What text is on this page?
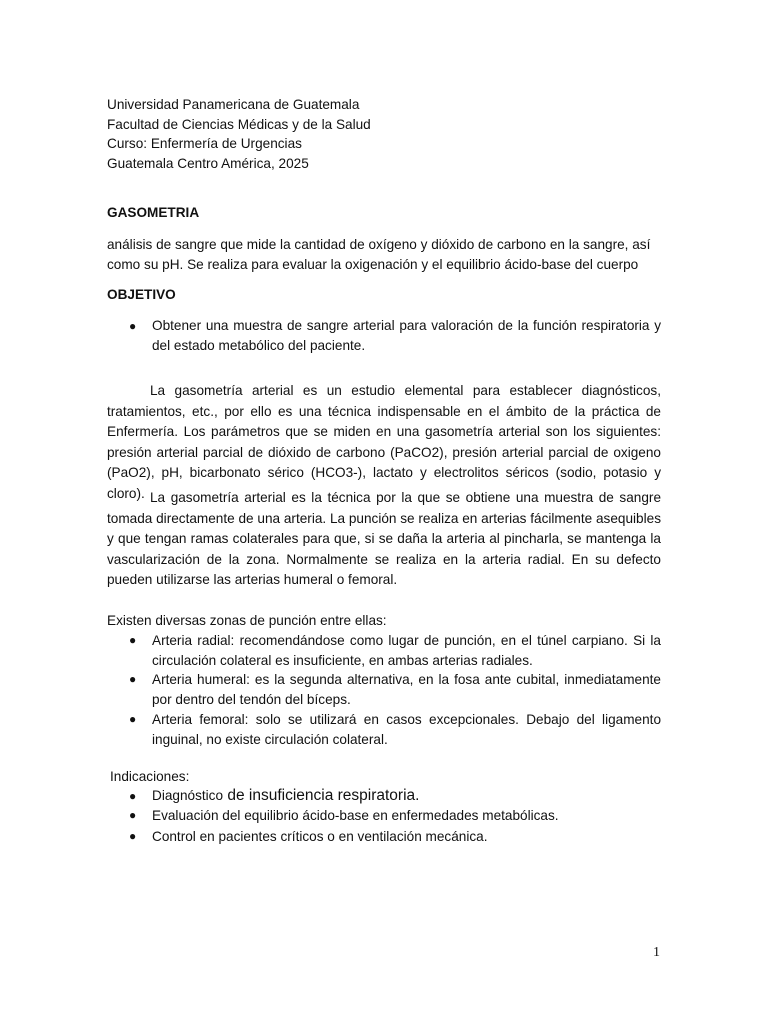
Universidad Panamericana de Guatemala
Facultad de Ciencias Médicas y de la Salud
Curso: Enfermería de Urgencias
Guatemala Centro América, 2025
GASOMETRIA
análisis de sangre que mide la cantidad de oxígeno y dióxido de carbono en la sangre, así
como su pH. Se realiza para evaluar la oxigenación y el equilibrio ácido-base del cuerpo
OBJETIVO
● Obtener una muestra de sangre arterial para valoración de la función respiratoria y del estado metabólico del paciente.
La gasometría arterial es un estudio elemental para establecer diagnósticos, tratamientos, etc., por ello es una técnica indispensable en el ámbito de la práctica de Enfermería. Los parámetros que se miden en una gasometría arterial son los siguientes: presión arterial parcial de dióxido de carbono (PaCO2), presión arterial parcial de oxigeno (PaO2), pH, bicarbonato sérico (HCO3-), lactato y electrolitos séricos (sodio, potasio y cloro). La gasometría arterial es la técnica por la que se obtiene una muestra de sangre tomada directamente de una arteria. La punción se realiza en arterias fácilmente asequibles y que tengan ramas colaterales para que, si se daña la arteria al pincharla, se mantenga la vascularización de la zona. Normalmente se realiza en la arteria radial. En su defecto pueden utilizarse las arterias humeral o femoral.
Existen diversas zonas de punción entre ellas:
● Arteria radial: recomendándose como lugar de punción, en el túnel carpiano. Si la circulación colateral es insuficiente, en ambas arterias radiales.
● Arteria humeral: es la segunda alternativa, en la fosa ante cubital, inmediatamente por dentro del tendón del bíceps.
● Arteria femoral: solo se utilizará en casos excepcionales. Debajo del ligamento inguinal, no existe circulación colateral.
Indicaciones:
● Diagnóstico de insuficiencia respiratoria.
● Evaluación del equilibrio ácido-base en enfermedades metabólicas.
● Control en pacientes críticos o en ventilación mecánica.
1
